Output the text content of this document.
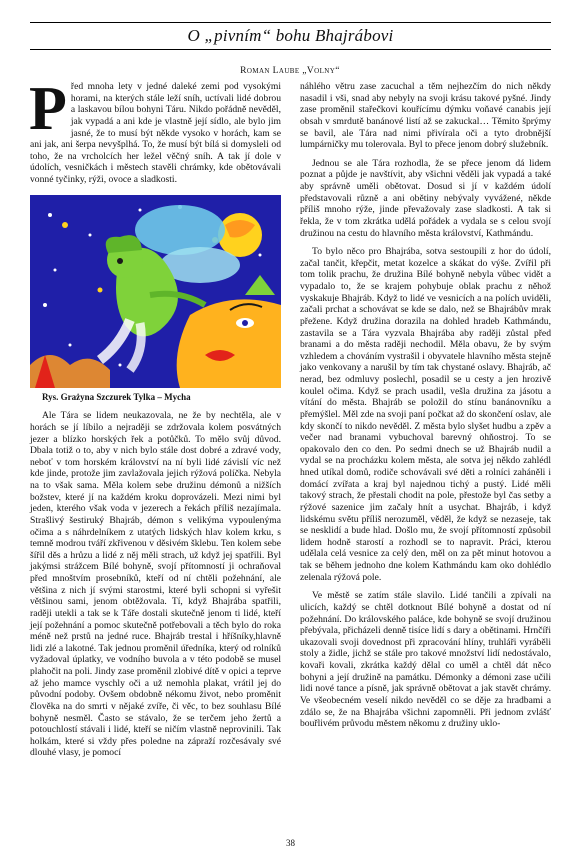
O „pivním“ bohu Bhajrábovi
Roman Laube „Volny“

Před mnoha lety v jedné daleké zemi pod vysokými horami, na kterých stále leží sníh, uctívali lidé dobrou a laskavou bílou bohyni Táru. Nikdo pořádně nevěděl, jak vypadá a ani kde je vlastně její sídlo, ale bylo jim jasné, že to musí být někde vysoko v horách, kam se ani jak, ani šerpa nevyšplhá. To, že musí být bílá si domysleli od toho, že na vrcholcích her ležel věčný sníh. A tak jí dole v údolích, vesničkách i městech stavěli chrámky, kde obětovávali vonné tyčinky, rýži, ovoce a sladkosti.

Rys. Grażyna Szczurek Tylka – Mycha

Ale Tára se lidem neukazovala, ne že by nechtěla, ale v horách se jí líbilo a nejraději se zdržovala kolem posvátných jezer a blízko horských řek a potůčků. To mělo svůj důvod. Dbala totiž o to, aby v nich bylo stále dost dobré a zdravé vody, neboť v tom horském království na ní byli lidé závislí víc než kde jinde, protože jim zavlažovala jejich rýžová políčka. Nebyla na to však sama. Měla kolem sebe družinu démonů a nižších božstev, které jí na každém kroku doprovázeli. Mezi nimi byl jeden, kterého však voda v jezerech a řekách příliš nezajímala. Strašlivý šestiruký Bhajráb, démon s velikýma vypoulenýma očima a s náhrdelníkem z utatých lidských hlav kolem krku, s temně modrou tváří zkřivenou v děsivém šklebu. Ten kolem sebe šířil děs a hrůzu a lidé z něj měli strach, už když jej spatřili. Byl jakýmsi strážcem Bílé bohyně, svojí přítomností ji ochraňoval před mnoštvím prosebníků, kteří od ní chtěli požehnání, ale většina z nich jí svými starostmi, které byli schopni si vyřešit většinou sami, jenom obtěžovala. Tí, když Bhajrába spatřili, raději utekli a tak se k Táře dostali skutečně jenom ti lidé, kteří její požehnání a pomoc skutečně potřebovali a těch bylo do roka méně než prstů na jedné ruce. Bhajráb trestal i hříšníky,hlavně lidi zlé a lakotné. Tak jednou proměnil úředníka, který od rolníků vyžadoval úplatky, ve vodního buvola a v této podobě se musel plahočit na poli. Jindy zase proměnil zlobivé dítě v opici a teprve až jeho mamce vyschly oči a už nemohla plakat, vrátil jej do původní podoby. Ovšem obdobně nékomu život, nebo proměnit člověka na do smrti v nějaké zvíře, či věc, to bez souhlasu Bílé bohyně nesměl. Často se stávalo, že se terčem jeho žertů a potouchlostí stávali i lidé, kteří se ničím vlastně neprovinili. Tak holkám, které si vždy přes poledne na zápraží rozčesávaly své dlouhé vlasy, je pomocí

náhlého větru zase zacuchal a těm nejhezčím do nich někdy nasadil i vši, snad aby nebyly na svoji krásu takové pyšné. Jindy zase proměnil stařečkovi kouřícímu dýmku voňavé canabis její obsah v smrdutě banánové listí až se zakuckal… Těmito šprýmy se bavil, ale Tára nad nimi přivírala oči a tyto drobnější lumpárničky mu tolerovala. Byl to přece jenom dobrý služebník.

Jednou se ale Tára rozhodla, že se přece jenom dá lidem poznat a půjde je navštívit, aby všichni věděli jak vypadá a také aby správně uměli obětovat. Dosud si jí v každém údolí představovali různě a ani obětiny nebývaly vyvážené, někde příliš mnoho rýže, jinde převažovaly zase sladkosti. A tak si řekla, že v tom zkrátka udělá pořádek a vydala se s celou svojí družinou na cestu do hlavního města království, Kathmándu.

To bylo něco pro Bhajrába, sotva sestoupili z hor do údolí, začal tančit, křepčit, metat kozelce a skákat do výše. Zvířil při tom tolik prachu, že družina Bílé bohyně nebyla vůbec vidět a vypadalo to, že se krajem pohybuje oblak prachu z něhož vyskakuje Bhajráb. Když to lidé ve vesnicích a na polích uviděli, začali prchat a schovávat se kde se dalo, než se Bhajrábův mrak přežene. Když družina dorazila na dohled hradeb Kathmándu, zastavila se a Tára vyzvala Bhajrába aby raději zůstal před branami a do města raději nechodil. Měla obavu, že by svým vzhledem a chováním vystrašil i obyvatele hlavního města stejně jako venkovany a narušil by tím tak chystané oslavy. Bhajráb, ač nerad, bez odmluvy poslechl, posadil se u cesty a jen hrozivě koulel očima. Když se prach usadil, vešla družina za jásotu a vítání do města. Bhajráb se položil do stínu banánovníku a přemýšlel. Měl zde na svoji paní počkat až do skončení oslav, ale kdy skončí to nikdo nevěděl. Z města bylo slyšet hudbu a zpěv a večer nad branami vybuchoval barevný ohňostroj. To se opakovalo den co den. Po sedmi dnech se už Bhajráb nudil a vydal se na procházku kolem města, ale sotva jej někdo zahlédl hned utíkal domů, rodiče schovávali své děti a rolníci zaháněli i domácí zvířata a kraj byl najednou tichý a pustý. Lidé měli takový strach, že přestali chodit na pole, přestože byl čas setby a rýžové sazenice jim začaly hnít a usychat. Bhajráb, i když lidskému světu příliš nerozuměl, věděl, že když se nezaseje, tak se nesklidí a bude hlad. Došlo mu, že svojí přítomností způsobil lidem hodně starostí a rozhodl se to napravit. Práci, kterou udělala celá vesnice za celý den, měl on za pět minut hotovou a tak se během jednoho dne kolem Kathmándu kam oko dohlédlo zelenala rýžová pole.

Ve městě se zatím stále slavilo. Lidé tančili a zpívali na ulicích, každý se chtěl dotknout Bílé bohyně a dostat od ní požehnání. Do královského paláce, kde bohyně se svojí družinou přebývala, přicházeli denně tisíce lidí s dary a obětinami. Hrnčíři ukazovali svoji dovednost při zpracování hlíny, truhláři vyráběli stoly a židle, jichž se stále pro takové množství lidí nedostávalo, kovaři kovali, zkrátka každý dělal co uměl a chtěl dát něco bohyni a její družině na památku. Démonky a démoni zase učili lidi nové tance a písně, jak správně obětovat a jak stavět chrámy. Ve všeobecném veselí nikdo nevěděl co se děje za hradbami a zdálo se, že na Bhajrába všichni zapomněli. Při jednom zvlášť bouřlivém průvodu městem někomu z družiny uklo-

38
